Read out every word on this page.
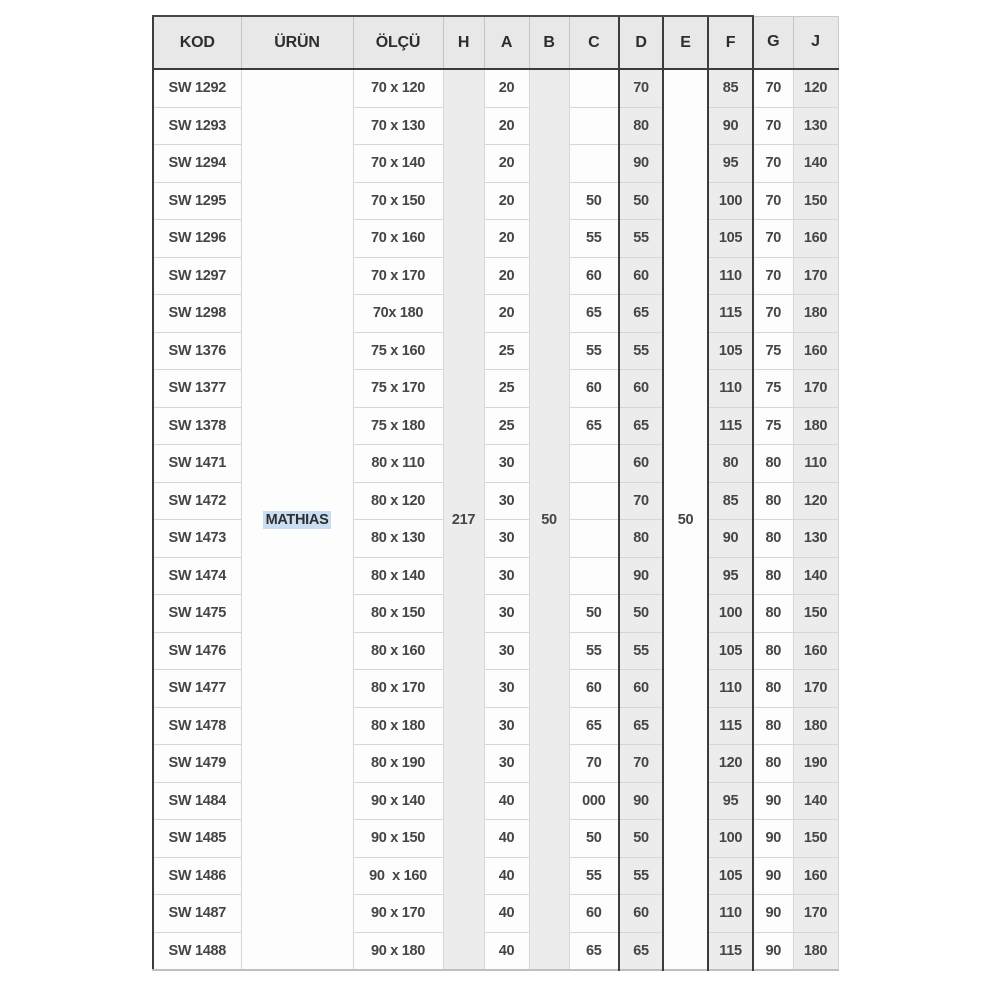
KOD	ÜRÜN	ÖLÇÜ	H	A	B	C	D	E	F	G	J
SW 1292	MATHIAS	70 x 120	217	20	50		70	50	85	70	120
SW 1293		70 x 130		20			80		90	70	130
SW 1294		70 x 140		20			90		95	70	140
SW 1295		70 x 150		20		50	50		100	70	150
SW 1296		70 x 160		20		55	55		105	70	160
SW 1297		70 x 170		20		60	60		110	70	170
SW 1298		70x 180		20		65	65		115	70	180
SW 1376		75 x 160		25		55	55		105	75	160
SW 1377		75 x 170		25		60	60		110	75	170
SW 1378		75 x 180		25		65	65		115	75	180
SW 1471		80 x 110		30			60		80	80	110
SW 1472		80 x 120		30			70		85	80	120
SW 1473		80 x 130		30			80		90	80	130
SW 1474		80 x 140		30			90		95	80	140
SW 1475		80 x 150		30		50	50		100	80	150
SW 1476		80 x 160		30		55	55		105	80	160
SW 1477		80 x 170		30		60	60		110	80	170
SW 1478		80 x 180		30		65	65		115	80	180
SW 1479		80 x 190		30		70	70		120	80	190
SW 1484		90 x 140		40		000	90		95	90	140
SW 1485		90 x 150		40		50	50		100	90	150
SW 1486		90  x 160		40		55	55		105	90	160
SW 1487		90 x 170		40		60	60		110	90	170
SW 1488		90 x 180		40		65	65		115	90	180
